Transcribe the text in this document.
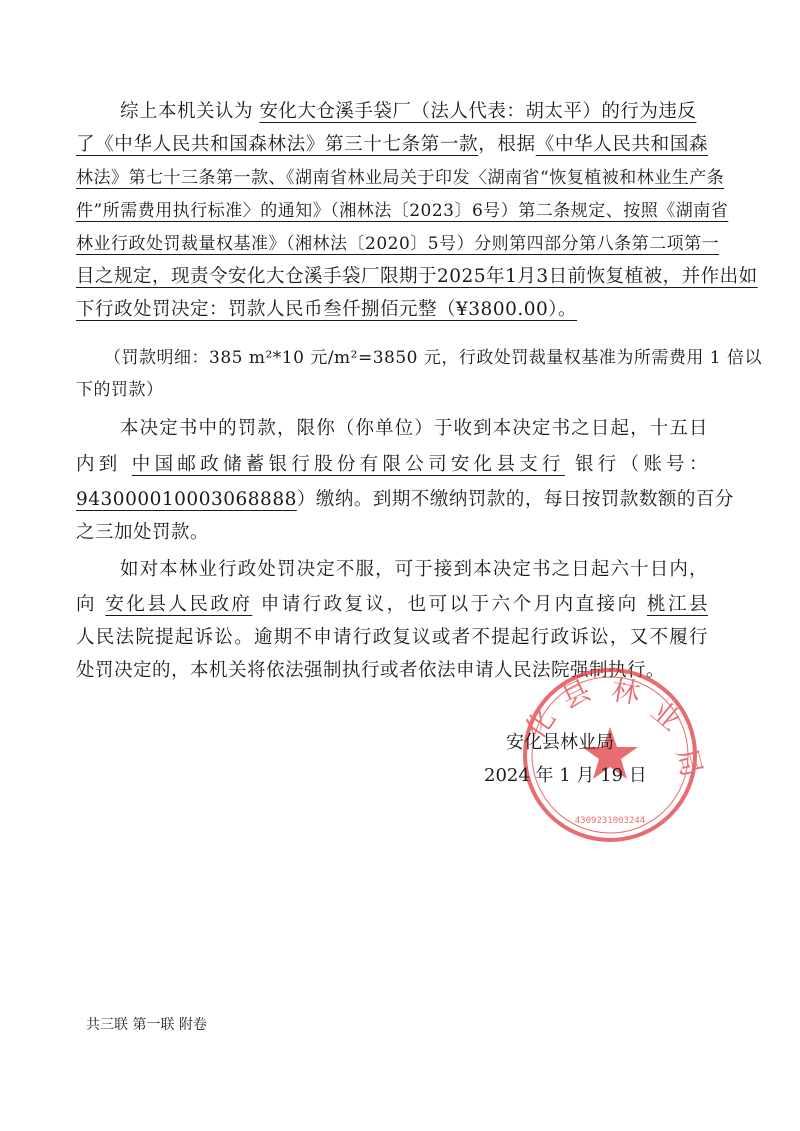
综上本机关认为 安化大仓溪手袋厂（法人代表：胡太平）的行为违反
了《中华人民共和国森林法》第三十七条第一款，根据《中华人民共和国森
林法》第七十三条第一款、《湖南省林业局关于印发〈湖南省“恢复植被和林业生产条
件”所需费用执行标准〉的通知》（湘林法〔2023〕6号）第二条规定、按照《湖南省
林业行政处罚裁量权基准》（湘林法〔2020〕5号）分则第四部分第八条第二项第一
目之规定，现责令安化大仓溪手袋厂限期于2025年1月3日前恢复植被，并作出如
下行政处罚决定：罚款人民币叁仟捌佰元整（¥3800.00）。
（罚款明细：385 m²*10 元/m²=3850 元，行政处罚裁量权基准为所需费用 1 倍以
下的罚款）
本决定书中的罚款，限你（你单位）于收到本决定书之日起，十五日
内到 中国邮政储蓄银行股份有限公司安化县支行 银行（账号：
943000010003068888）缴纳。到期不缴纳罚款的，每日按罚款数额的百分
之三加处罚款。
如对本林业行政处罚决定不服，可于接到本决定书之日起六十日内，
向 安化县人民政府 申请行政复议，也可以于六个月内直接向 桃江县
人民法院提起诉讼。逾期不申请行政复议或者不提起行政诉讼，又不履行
处罚决定的，本机关将依法强制执行或者依法申请人民法院强制执行。
化
县 林
业
局
4309231003244
安化县林业局
2024 年 1 月 19 日
共三联 第一联 附卷
